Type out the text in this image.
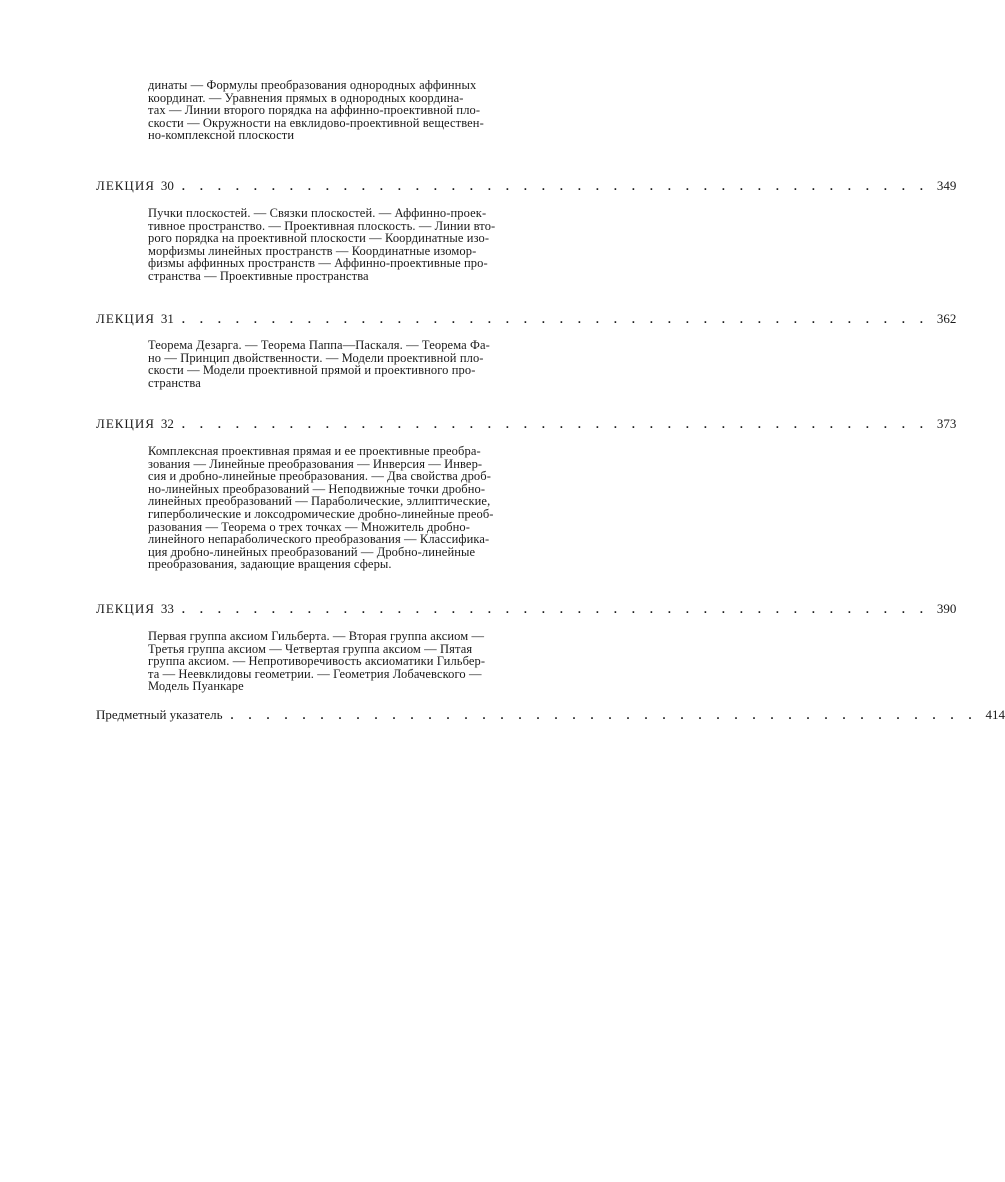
динаты — Формулы преобразования однородных аффинных
координат. — Уравнения прямых в однородных координа-
тах — Линии второго порядка на аффинно-проективной пло-
скости — Окружности на евклидово-проективной веществен-
но-комплексной плоскости
ЛЕКЦИЯ 30 . . . . . . . . . . . . . . . . . . . . . . . . . . . . . . . . . . . . . . . . . . 349
Пучки плоскостей. — Связки плоскостей. — Аффинно-проек-
тивное пространство. — Проективная плоскость. — Линии вто-
рого порядка на проективной плоскости — Координатные изо-
морфизмы линейных пространств — Координатные изомор-
физмы аффинных пространств — Аффинно-проективные про-
странства — Проективные пространства
ЛЕКЦИЯ 31 . . . . . . . . . . . . . . . . . . . . . . . . . . . . . . . . . . . . . . . . . . 362
Теорема Дезарга. — Теорема Паппа—Паскаля. — Теорема Фа-
но — Принцип двойственности. — Модели проективной пло-
скости — Модели проективной прямой и проективного про-
странства
ЛЕКЦИЯ 32 . . . . . . . . . . . . . . . . . . . . . . . . . . . . . . . . . . . . . . . . . . 373
Комплексная проективная прямая и ее проективные преобра-
зования — Линейные преобразования — Инверсия — Инвер-
сия и дробно-линейные преобразования. — Два свойства дроб-
но-линейных преобразований — Неподвижные точки дробно-
линейных преобразований — Параболические, эллиптические,
гиперболические и локсодромические дробно-линейные преоб-
разования — Теорема о трех точках — Множитель дробно-
линейного непараболического преобразования — Классифика-
ция дробно-линейных преобразований — Дробно-линейные
преобразования, задающие вращения сферы.
ЛЕКЦИЯ 33 . . . . . . . . . . . . . . . . . . . . . . . . . . . . . . . . . . . . . . . . . . 390
Первая группа аксиом Гильберта. — Вторая группа аксиом —
Третья группа аксиом — Четвертая группа аксиом — Пятая
группа аксиом. — Непротиворечивость аксиоматики Гильбер-
та — Неевклидовы геометрии. — Геометрия Лобачевского —
Модель Пуанкаре
Предметный указатель . . . . . . . . . . . . . . . . . . . . . . . . . . . . . . . . . . . . . . . . . . 414
